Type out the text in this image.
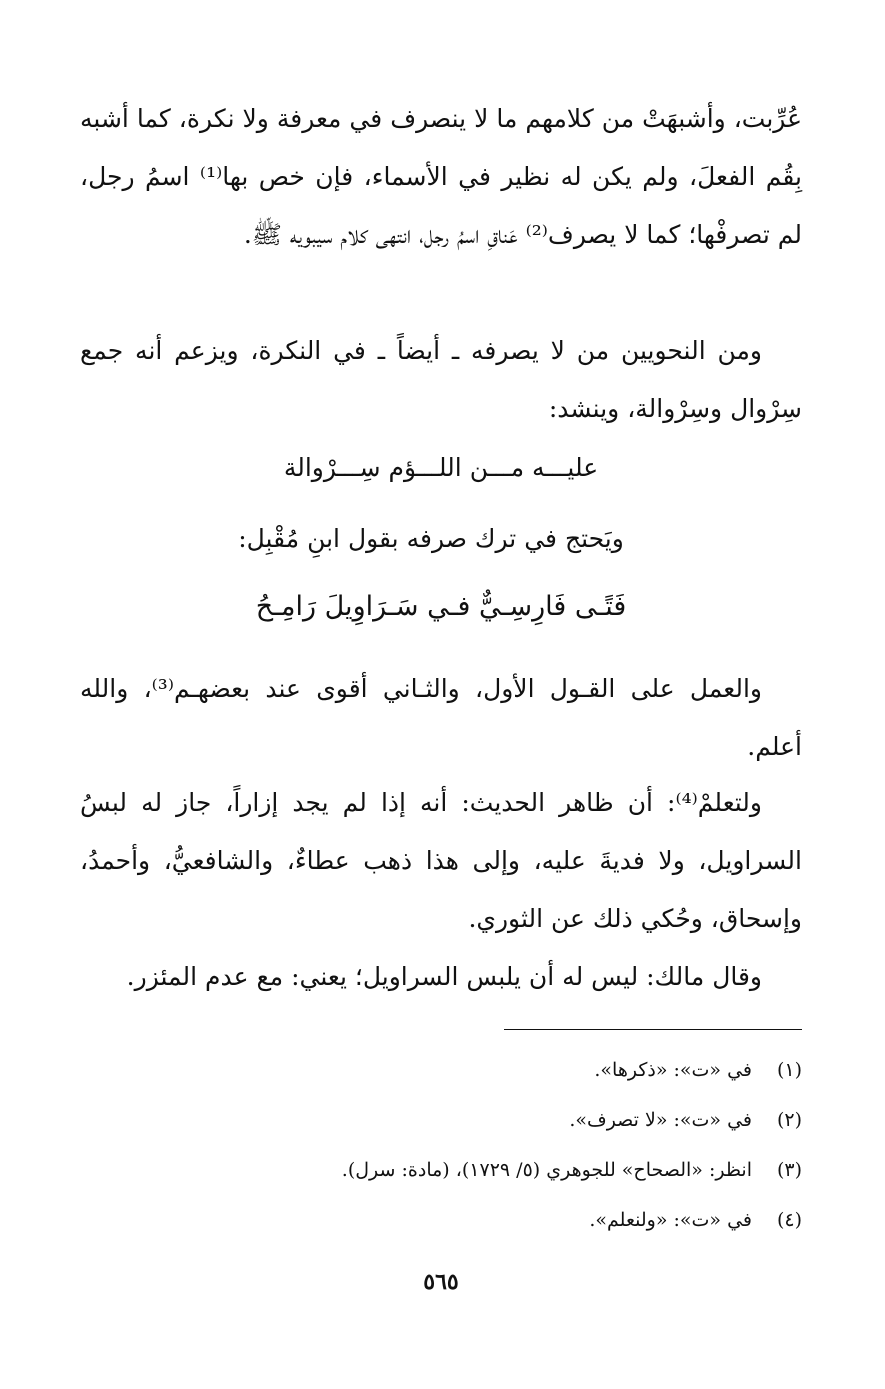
عُرِّبت، وأشبهَتْ من كلامهم ما لا ينصرف في معرفة ولا نكرة، كما أشبه بِقُم الفعلَ، ولم يكن له نظير في الأسماء، فإن خص بها⁽¹⁾ اسمُ رجل، لم تصرفْها؛ كما لا يصرف⁽²⁾ عَناقِ اسمُ رجل، انتهى كلام سيبويه ﷺ.

ومن النحويين من لا يصرفه ـ أيضاً ـ في النكرة، ويزعم أنه جمع سِرْوال وسِرْوالة، وينشد:

عليـــه مـــن اللـــؤم سِـــرْوالة

ويَحتج في ترك صرفه بقول ابنِ مُقْبِل:

فَتًـى فَارِسِـيٌّ فـي سَـرَاوِيلَ رَامِـحُ

والعمل على القـول الأول، والثـاني أقوى عند بعضهـم⁽³⁾، والله أعلم.

ولتعلمْ⁽⁴⁾: أن ظاهر الحديث: أنه إذا لم يجد إزاراً، جاز له لبسُ السراويل، ولا فديةَ عليه، وإلى هذا ذهب عطاءٌ، والشافعيُّ، وأحمدُ، وإسحاق، وحُكي ذلك عن الثوري.

وقال مالك: ليس له أن يلبس السراويل؛ يعني: مع عدم المئزر.

(١)
في «ت»: «ذكرها».
(٢)
في «ت»: «لا تصرف».
(٣)
انظر: «الصحاح» للجوهري (٥/ ١٧٢٩)، (مادة: سرل).
(٤)
في «ت»: «ولنعلم».
٥٦٥
